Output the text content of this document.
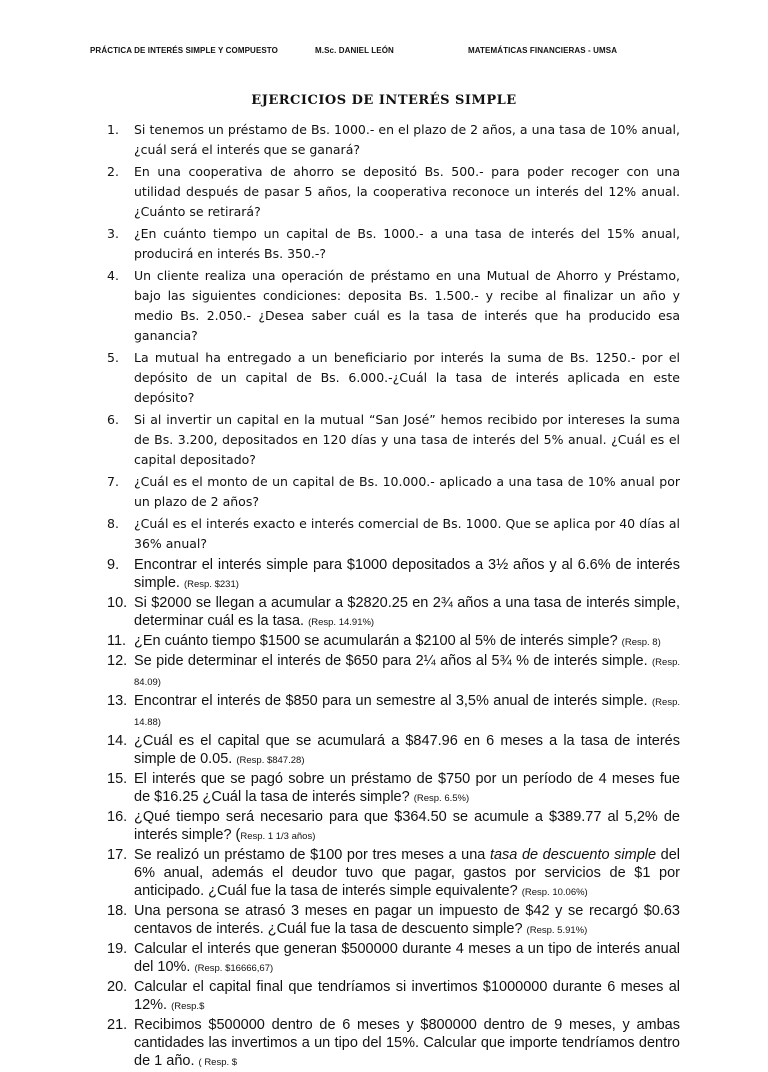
PRÁCTICA DE INTERÉS SIMPLE Y COMPUESTO	M.Sc. DANIEL LEÓN	MATEMÁTICAS FINANCIERAS - UMSA
EJERCICIOS DE INTERÉS SIMPLE
1. Si tenemos un préstamo de Bs. 1000.- en el plazo de 2 años, a una tasa de 10% anual, ¿cuál será el interés que se ganará?
2. En una cooperativa de ahorro se depositó Bs. 500.- para poder recoger con una utilidad después de pasar 5 años, la cooperativa reconoce un interés del 12% anual. ¿Cuánto se retirará?
3. ¿En cuánto tiempo un capital de Bs. 1000.- a una tasa de interés del 15% anual, producirá en interés Bs. 350.-?
4. Un cliente realiza una operación de préstamo en una Mutual de Ahorro y Préstamo, bajo las siguientes condiciones: deposita Bs. 1.500.- y recibe al finalizar un año y medio Bs. 2.050.- ¿Desea saber cuál es la tasa de interés que ha producido esa ganancia?
5. La mutual ha entregado a un beneficiario por interés la suma de Bs. 1250.- por el depósito de un capital de Bs. 6.000.-¿Cuál la tasa de interés aplicada en este depósito?
6. Si al invertir un capital en la mutual “San José” hemos recibido por intereses la suma de Bs. 3.200, depositados en 120 días y una tasa de interés del 5% anual. ¿Cuál es el capital depositado?
7. ¿Cuál es el monto de un capital de Bs. 10.000.- aplicado a una tasa de 10% anual por un plazo de 2 años?
8. ¿Cuál es el interés exacto e interés comercial de Bs. 1000. Que se aplica por 40 días al 36% anual?
9. Encontrar el interés simple para $1000 depositados a 3½ años y al 6.6% de interés simple. (Resp. $231)
10. Si $2000 se llegan a acumular a $2820.25 en 2¾ años a una tasa de interés simple, determinar cuál es la tasa. (Resp. 14.91%)
11. ¿En cuánto tiempo $1500 se acumularán a $2100 al 5% de interés simple? (Resp. 8)
12. Se pide determinar el interés de $650 para 2¼ años al 5¾ % de interés simple. (Resp. 84.09)
13. Encontrar el interés de $850 para un semestre al 3,5% anual de interés simple. (Resp. 14.88)
14. ¿Cuál es el capital que se acumulará a $847.96 en 6 meses a la tasa de interés simple de 0.05. (Resp. $847.28)
15. El interés que se pagó sobre un préstamo de $750 por un período de 4 meses fue de $16.25 ¿Cuál la tasa de interés simple? (Resp. 6.5%)
16. ¿Qué tiempo será necesario para que $364.50 se acumule a $389.77 al 5,2% de interés simple? (Resp. 1 1/3 años)
17. Se realizó un préstamo de $100 por tres meses a una tasa de descuento simple del 6% anual, además el deudor tuvo que pagar, gastos por servicios de $1 por anticipado. ¿Cuál fue la tasa de interés simple equivalente? (Resp. 10.06%)
18. Una persona se atrasó 3 meses en pagar un impuesto de $42 y se recargó $0.63 centavos de interés. ¿Cuál fue la tasa de descuento simple? (Resp. 5.91%)
19. Calcular el interés que generan $500000 durante 4 meses a un tipo de interés anual del 10%. (Resp. $16666,67)
20. Calcular el capital final que tendríamos si invertimos $1000000 durante 6 meses al 12%. (Resp.$
21. Recibimos $500000 dentro de 6 meses y $800000 dentro de 9 meses, y ambas cantidades las invertimos a un tipo del 15%. Calcular que importe tendríamos dentro de 1 año. ( Resp. $
